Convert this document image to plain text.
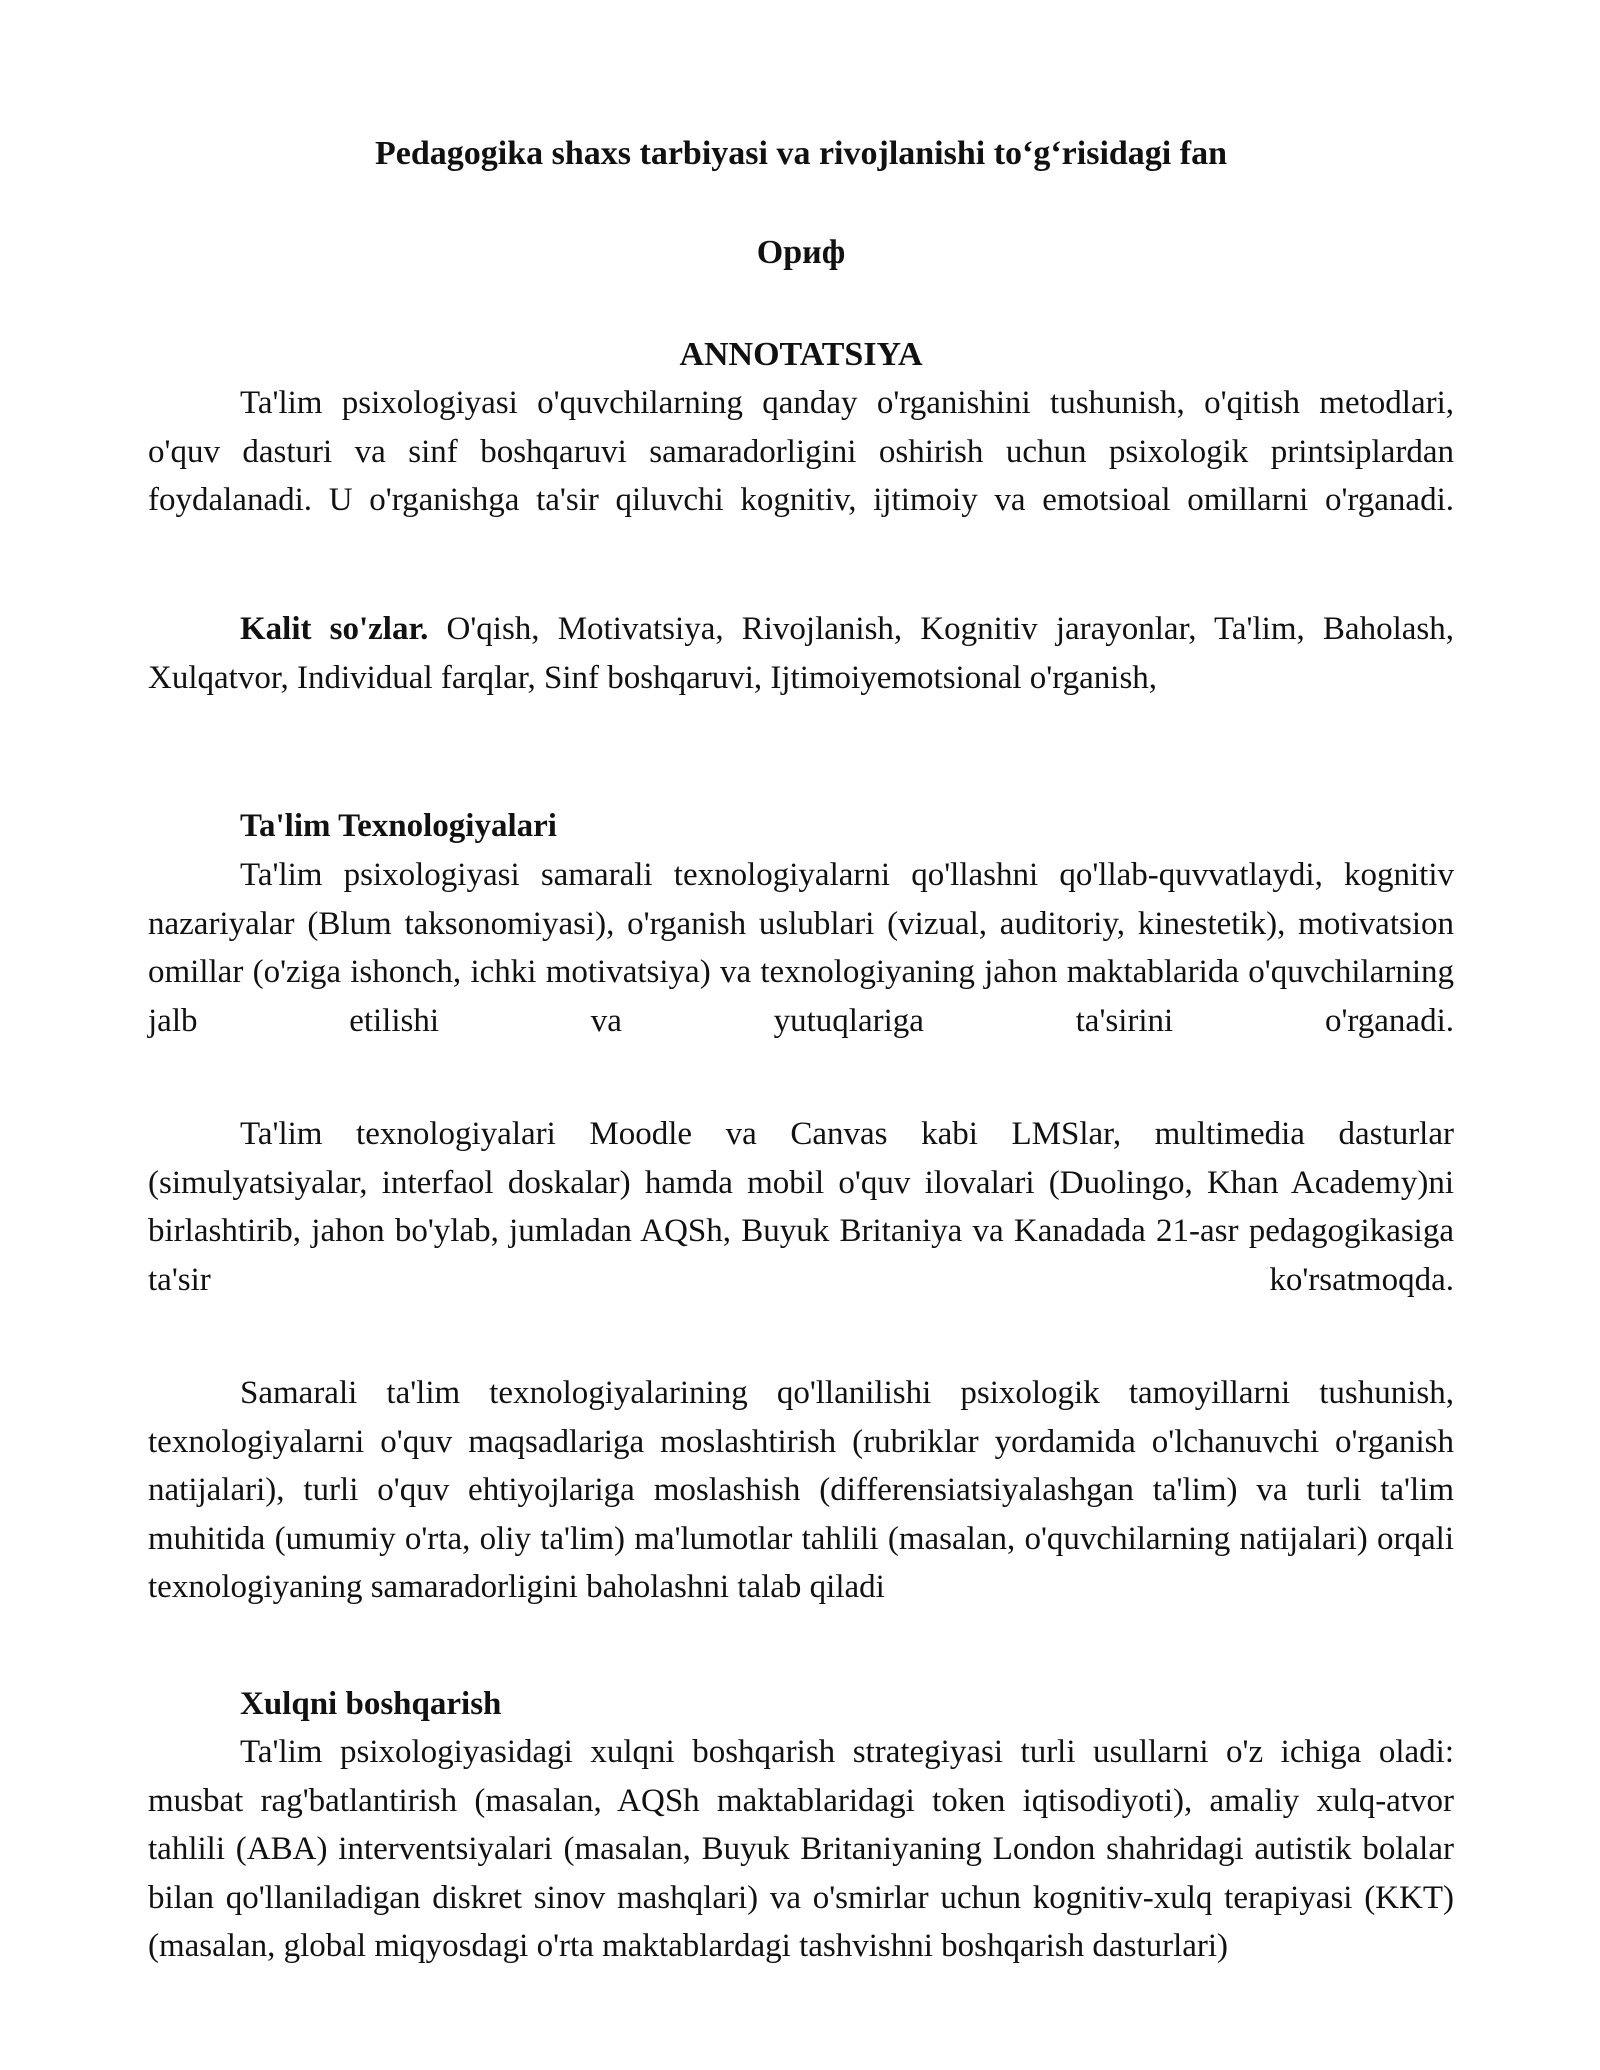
Pedagogika shaxs tarbiyasi va rivojlanishi to‘g‘risidagi fan
Ориф
ANNOTATSIYA

Ta'lim psixologiyasi o'quvchilarning qanday o'rganishini tushunish, o'qitish metodlari, o'quv dasturi va sinf boshqaruvi samaradorligini oshirish uchun psixologik printsiplardan foydalanadi. U o'rganishga ta'sir qiluvchi kognitiv, ijtimoiy va emotsioal omillarni o'rganadi.

Kalit so'zlar. O'qish, Motivatsiya, Rivojlanish, Kognitiv jarayonlar, Ta'lim, Baholash, Xulqatvor, Individual farqlar, Sinf boshqaruvi, Ijtimoiyemotsional o'rganish,

Ta'lim Texnologiyalari

Ta'lim psixologiyasi samarali texnologiyalarni qo'llashni qo'llab-quvvatlaydi, kognitiv nazariyalar (Blum taksonomiyasi), o'rganish uslublari (vizual, auditoriy, kinestetik), motivatsion omillar (o'ziga ishonch, ichki motivatsiya) va texnologiyaning jahon maktablarida o'quvchilarning jalb etilishi va yutuqlariga ta'sirini o'rganadi.

Ta'lim texnologiyalari Moodle va Canvas kabi LMSlar, multimedia dasturlar (simulyatsiyalar, interfaol doskalar) hamda mobil o'quv ilovalari (Duolingo, Khan Academy)ni birlashtirib, jahon bo'ylab, jumladan AQSh, Buyuk Britaniya va Kanadada 21-asr pedagogikasiga ta'sir ko'rsatmoqda.

Samarali ta'lim texnologiyalarining qo'llanilishi psixologik tamoyillarni tushunish, texnologiyalarni o'quv maqsadlariga moslashtirish (rubriklar yordamida o'lchanuvchi o'rganish natijalari), turli o'quv ehtiyojlariga moslashish (differensiatsiyalashgan ta'lim) va turli ta'lim muhitida (umumiy o'rta, oliy ta'lim) ma'lumotlar tahlili (masalan, o'quvchilarning natijalari) orqali texnologiyaning samaradorligini baholashni talab qiladi

Xulqni boshqarish

Ta'lim psixologiyasidagi xulqni boshqarish strategiyasi turli usullarni o'z ichiga oladi: musbat rag'batlantirish (masalan, AQSh maktablaridagi token iqtisodiyoti), amaliy xulq-atvor tahlili (ABA) interventsiyalari (masalan, Buyuk Britaniyaning London shahridagi autistik bolalar bilan qo'llaniladigan diskret sinov mashqlari) va o'smirlar uchun kognitiv-xulq terapiyasi (KKT) (masalan, global miqyosdagi o'rta maktablardagi tashvishni boshqarish dasturlari)
